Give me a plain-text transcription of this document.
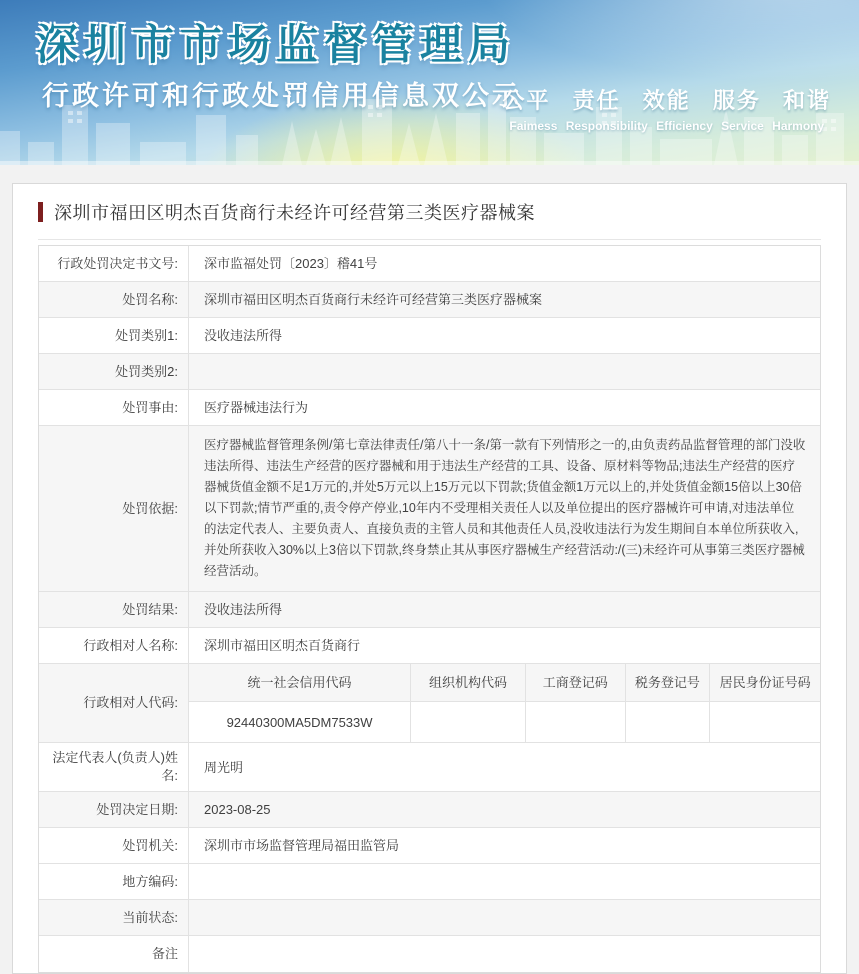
深圳市市场监督管理局
行政许可和行政处罚信用信息双公示
公平 责任 效能 服务 和谐
Faimess Responsibility Efficiency Service Harmony
深圳市福田区明杰百货商行未经许可经营第三类医疗器械案
行政处罚决定书文号:	深市监福处罚〔2023〕稽41号
处罚名称:	深圳市福田区明杰百货商行未经许可经营第三类医疗器械案
处罚类别1:	没收违法所得
处罚类别2:
处罚事由:	医疗器械违法行为
处罚依据:
医疗器械监督管理条例/第七章法律责任/第八十一条/第一款有下列情形之一的,由负责药品监督管理的部门没收违法所得、违法生产经营的医疗器械和用于违法生产经营的工具、设备、原材料等物品;违法生产经营的医疗器械货值金额不足1万元的,并处5万元以上15万元以下罚款;货值金额1万元以上的,并处货值金额15倍以上30倍以下罚款;情节严重的,责令停产停业,10年内不受理相关责任人以及单位提出的医疗器械许可申请,对违法单位的法定代表人、主要负责人、直接负责的主管人员和其他责任人员,没收违法行为发生期间自本单位所获收入,并处所获收入30%以上3倍以下罚款,终身禁止其从事医疗器械生产经营活动:/(三)未经许可从事第三类医疗器械经营活动。
处罚结果:	没收违法所得
行政相对人名称:	深圳市福田区明杰百货商行
行政相对人代码:
统一社会信用代码	组织机构代码	工商登记码	税务登记号	居民身份证号码
92440300MA5DM7533W
法定代表人(负责人)姓名:
周光明
处罚决定日期:	2023-08-25
处罚机关:	深圳市市场监督管理局福田监管局
地方编码:
当前状态:
备注
